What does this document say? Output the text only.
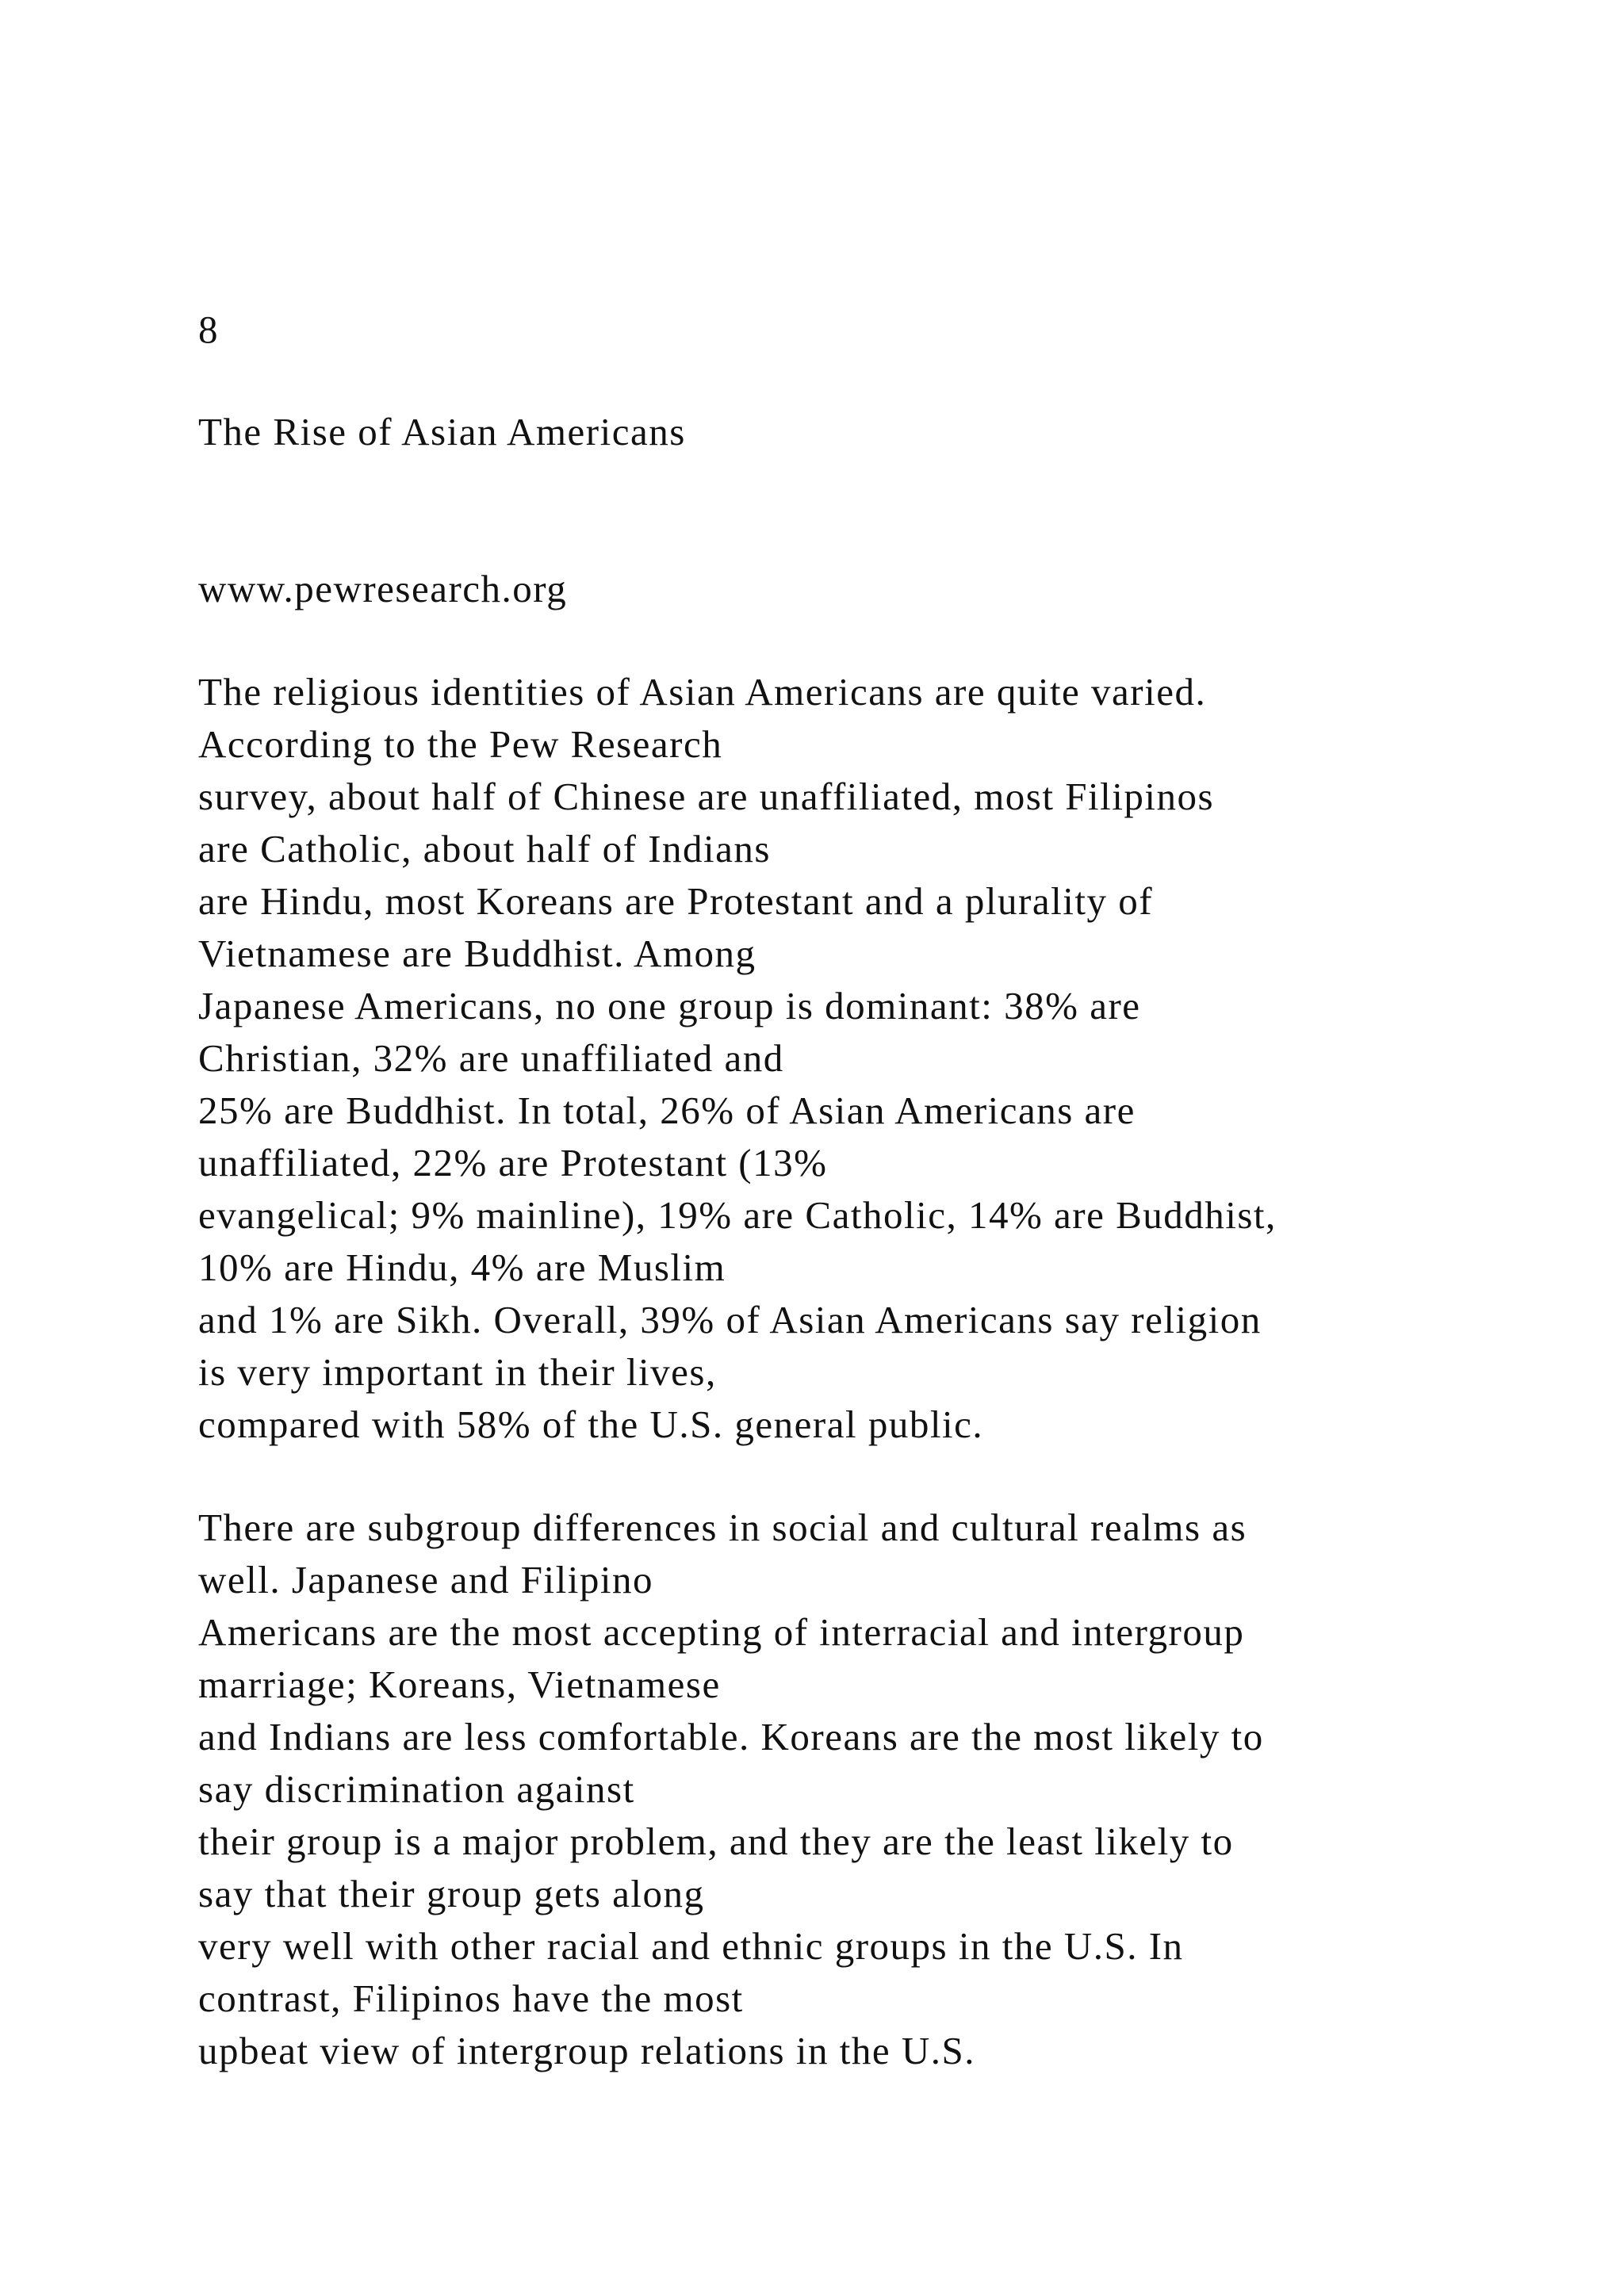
8
The Rise of Asian Americans
www.pewresearch.org
The religious identities of Asian Americans are quite varied.
According to the Pew Research
survey, about half of Chinese are unaffiliated, most Filipinos
are Catholic, about half of Indians
are Hindu, most Koreans are Protestant and a plurality of
Vietnamese are Buddhist. Among
Japanese Americans, no one group is dominant: 38% are
Christian, 32% are unaffiliated and
25% are Buddhist. In total, 26% of Asian Americans are
unaffiliated, 22% are Protestant (13%
evangelical; 9% mainline), 19% are Catholic, 14% are Buddhist,
10% are Hindu, 4% are Muslim
and 1% are Sikh. Overall, 39% of Asian Americans say religion
is very important in their lives,
compared with 58% of the U.S. general public.
There are subgroup differences in social and cultural realms as
well. Japanese and Filipino
Americans are the most accepting of interracial and intergroup
marriage; Koreans, Vietnamese
and Indians are less comfortable. Koreans are the most likely to
say discrimination against
their group is a major problem, and they are the least likely to
say that their group gets along
very well with other racial and ethnic groups in the U.S. In
contrast, Filipinos have the most
upbeat view of intergroup relations in the U.S.
